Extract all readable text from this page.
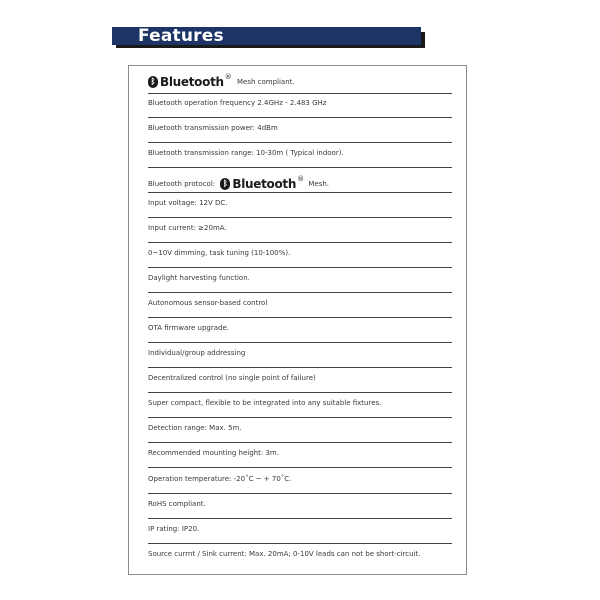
Features
ᛒ Bluetooth ®
Mesh compliant.
Bluetooth operation frequency 2.4GHz - 2.483 GHz
Bluetooth transmission power: 4dBm
Bluetooth transmission range: 10-30m ( Typical indoor).
Bluetooth protocol: ᛒ Bluetooth ®
Mesh.
Input voltage: 12V DC.
Input current: ≥20mA.
0~10V dimming, task tuning (10-100%).
Daylight harvesting function.
Autonomous sensor-based control
OTA firmware upgrade.
Individual/group addressing
Decentralized control (no single point of failure)
Super compact, flexible to be integrated into any suitable fixtures.
Detection range: Max. 5m.
Recommended mounting height: 3m.
Operation temperature: -20˚C ~ + 70˚C.
RoHS compliant.
IP rating: IP20.
Source currnt / Sink current: Max. 20mA; 0-10V leads can not be short-circuit.
